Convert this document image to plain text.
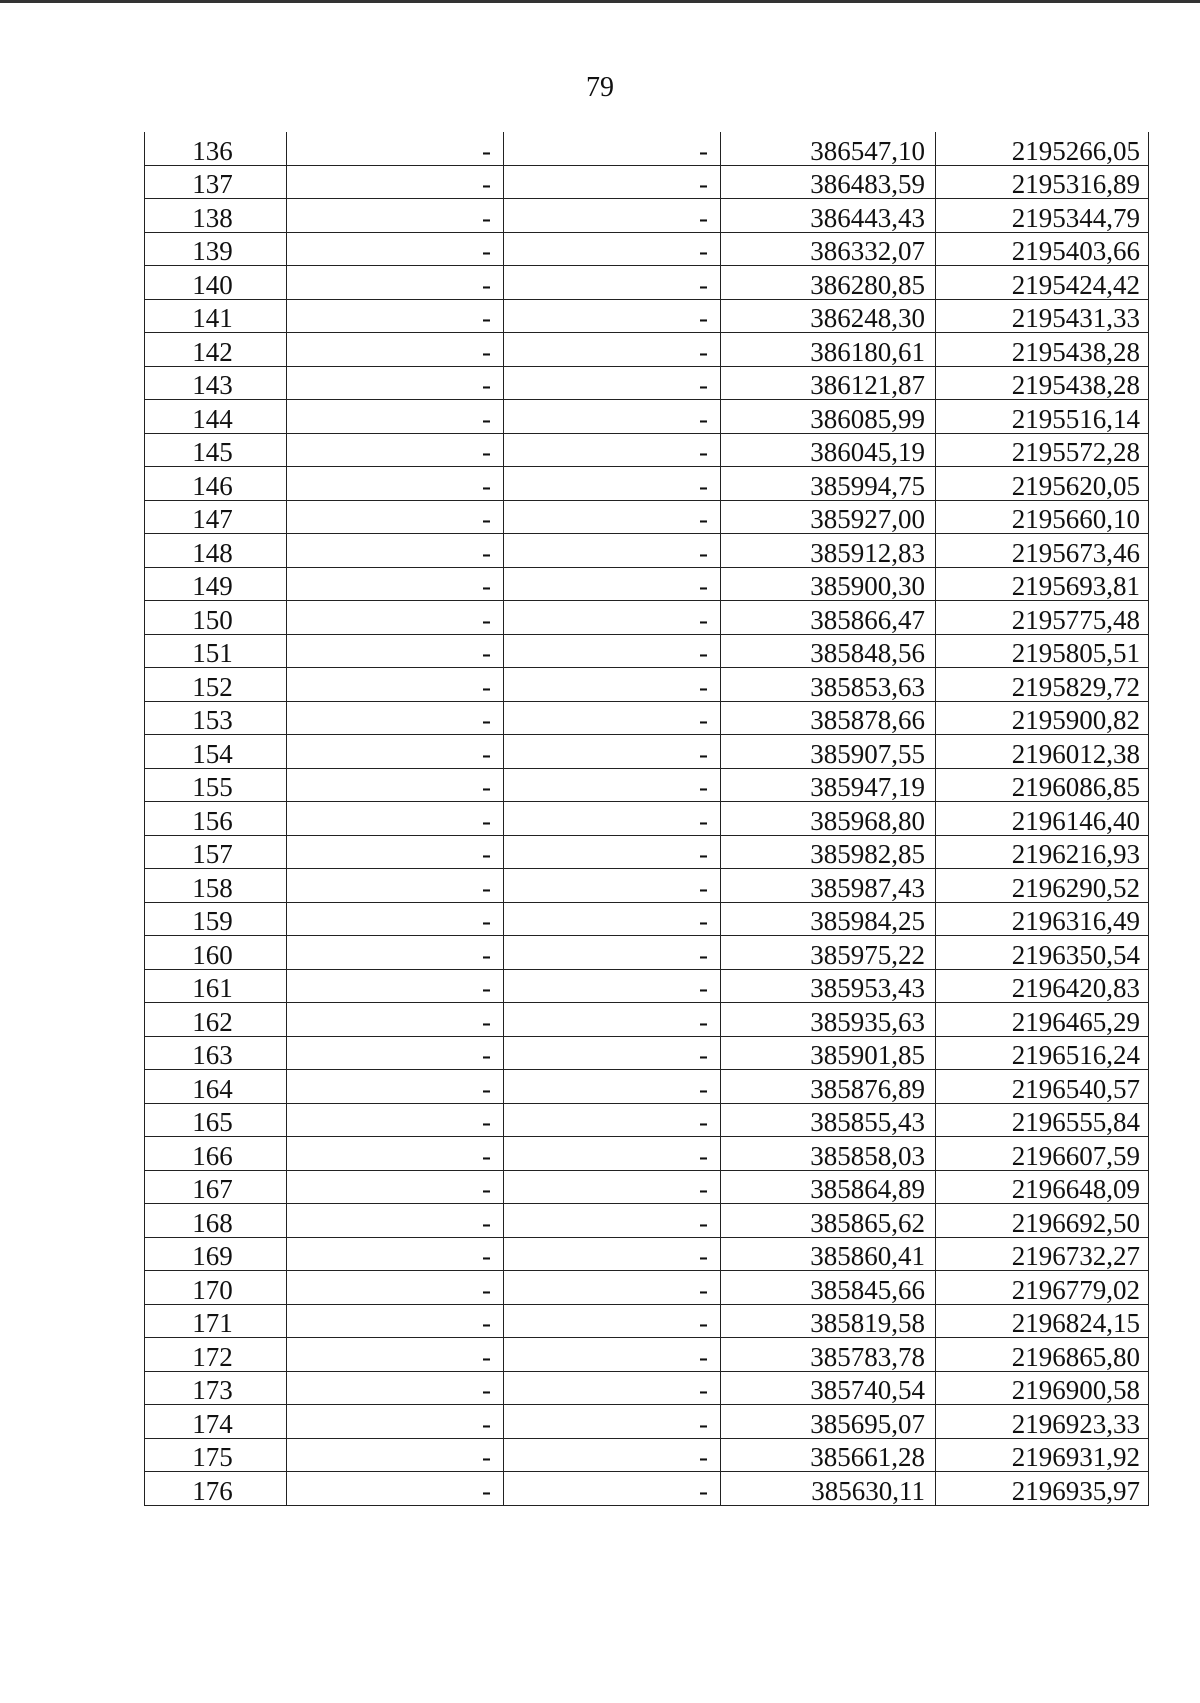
79
136	-	-	386547,10	2195266,05
137	-	-	386483,59	2195316,89
138	-	-	386443,43	2195344,79
139	-	-	386332,07	2195403,66
140	-	-	386280,85	2195424,42
141	-	-	386248,30	2195431,33
142	-	-	386180,61	2195438,28
143	-	-	386121,87	2195438,28
144	-	-	386085,99	2195516,14
145	-	-	386045,19	2195572,28
146	-	-	385994,75	2195620,05
147	-	-	385927,00	2195660,10
148	-	-	385912,83	2195673,46
149	-	-	385900,30	2195693,81
150	-	-	385866,47	2195775,48
151	-	-	385848,56	2195805,51
152	-	-	385853,63	2195829,72
153	-	-	385878,66	2195900,82
154	-	-	385907,55	2196012,38
155	-	-	385947,19	2196086,85
156	-	-	385968,80	2196146,40
157	-	-	385982,85	2196216,93
158	-	-	385987,43	2196290,52
159	-	-	385984,25	2196316,49
160	-	-	385975,22	2196350,54
161	-	-	385953,43	2196420,83
162	-	-	385935,63	2196465,29
163	-	-	385901,85	2196516,24
164	-	-	385876,89	2196540,57
165	-	-	385855,43	2196555,84
166	-	-	385858,03	2196607,59
167	-	-	385864,89	2196648,09
168	-	-	385865,62	2196692,50
169	-	-	385860,41	2196732,27
170	-	-	385845,66	2196779,02
171	-	-	385819,58	2196824,15
172	-	-	385783,78	2196865,80
173	-	-	385740,54	2196900,58
174	-	-	385695,07	2196923,33
175	-	-	385661,28	2196931,92
176	-	-	385630,11	2196935,97
